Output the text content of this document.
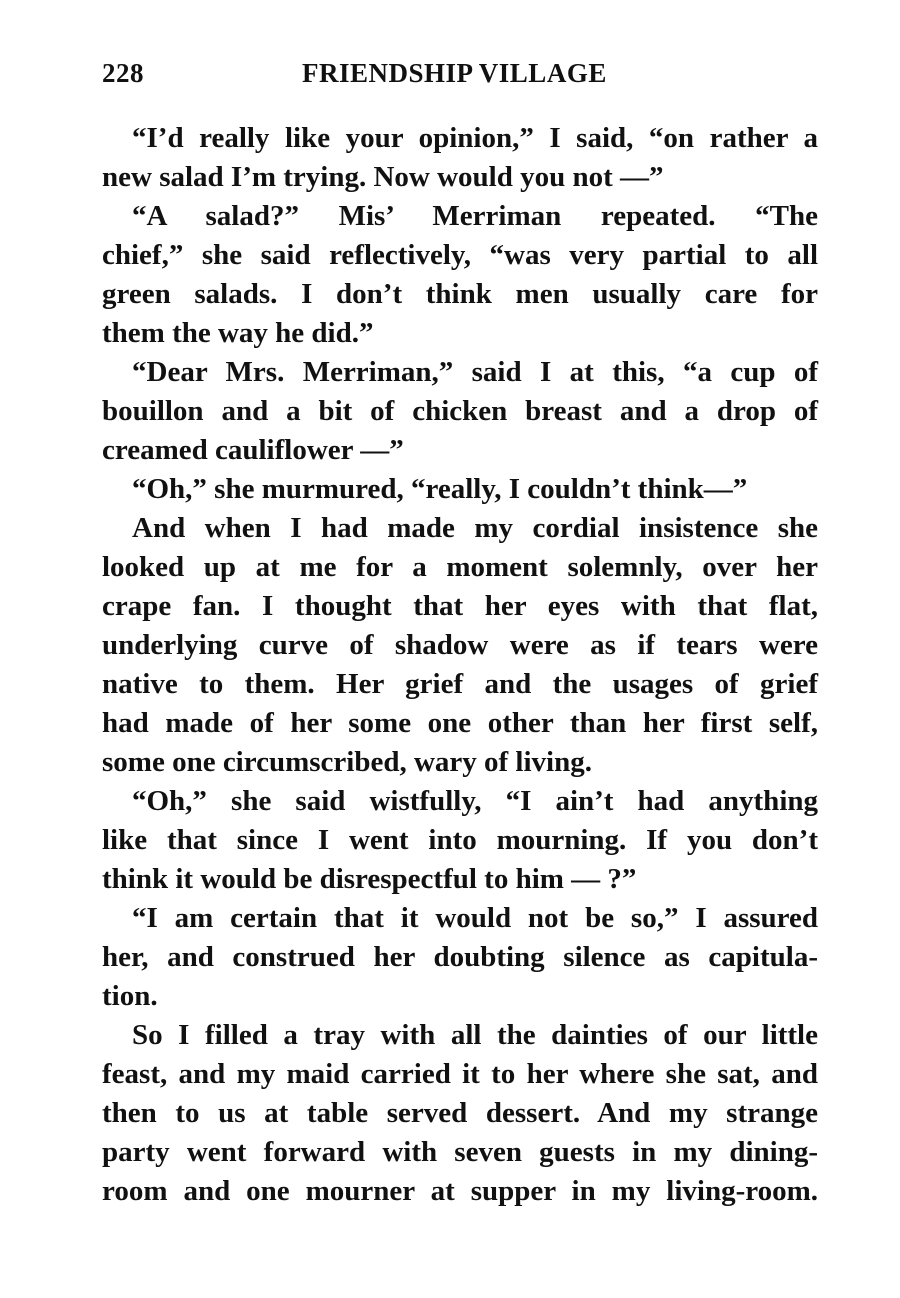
228	FRIENDSHIP VILLAGE
“I’d really like your opinion,” I said, “on rather a
new salad I’m trying. Now would you not —”
“A salad?” Mis’ Merriman repeated. “The
chief,” she said reflectively, “was very partial to all
green salads. I don’t think men usually care for
them the way he did.”
“Dear Mrs. Merriman,” said I at this, “a cup of
bouillon and a bit of chicken breast and a drop of
creamed cauliflower —”
“Oh,” she murmured, “really, I couldn’t think—”
And when I had made my cordial insistence she
looked up at me for a moment solemnly, over her
crape fan. I thought that her eyes with that flat,
underlying curve of shadow were as if tears were
native to them. Her grief and the usages of grief
had made of her some one other than her first self,
some one circumscribed, wary of living.
“Oh,” she said wistfully, “I ain’t had anything
like that since I went into mourning. If you don’t
think it would be disrespectful to him — ?”
“I am certain that it would not be so,” I assured
her, and construed her doubting silence as capitula-
tion.
So I filled a tray with all the dainties of our little
feast, and my maid carried it to her where she sat, and
then to us at table served dessert. And my strange
party went forward with seven guests in my dining-
room and one mourner at supper in my living-room.
